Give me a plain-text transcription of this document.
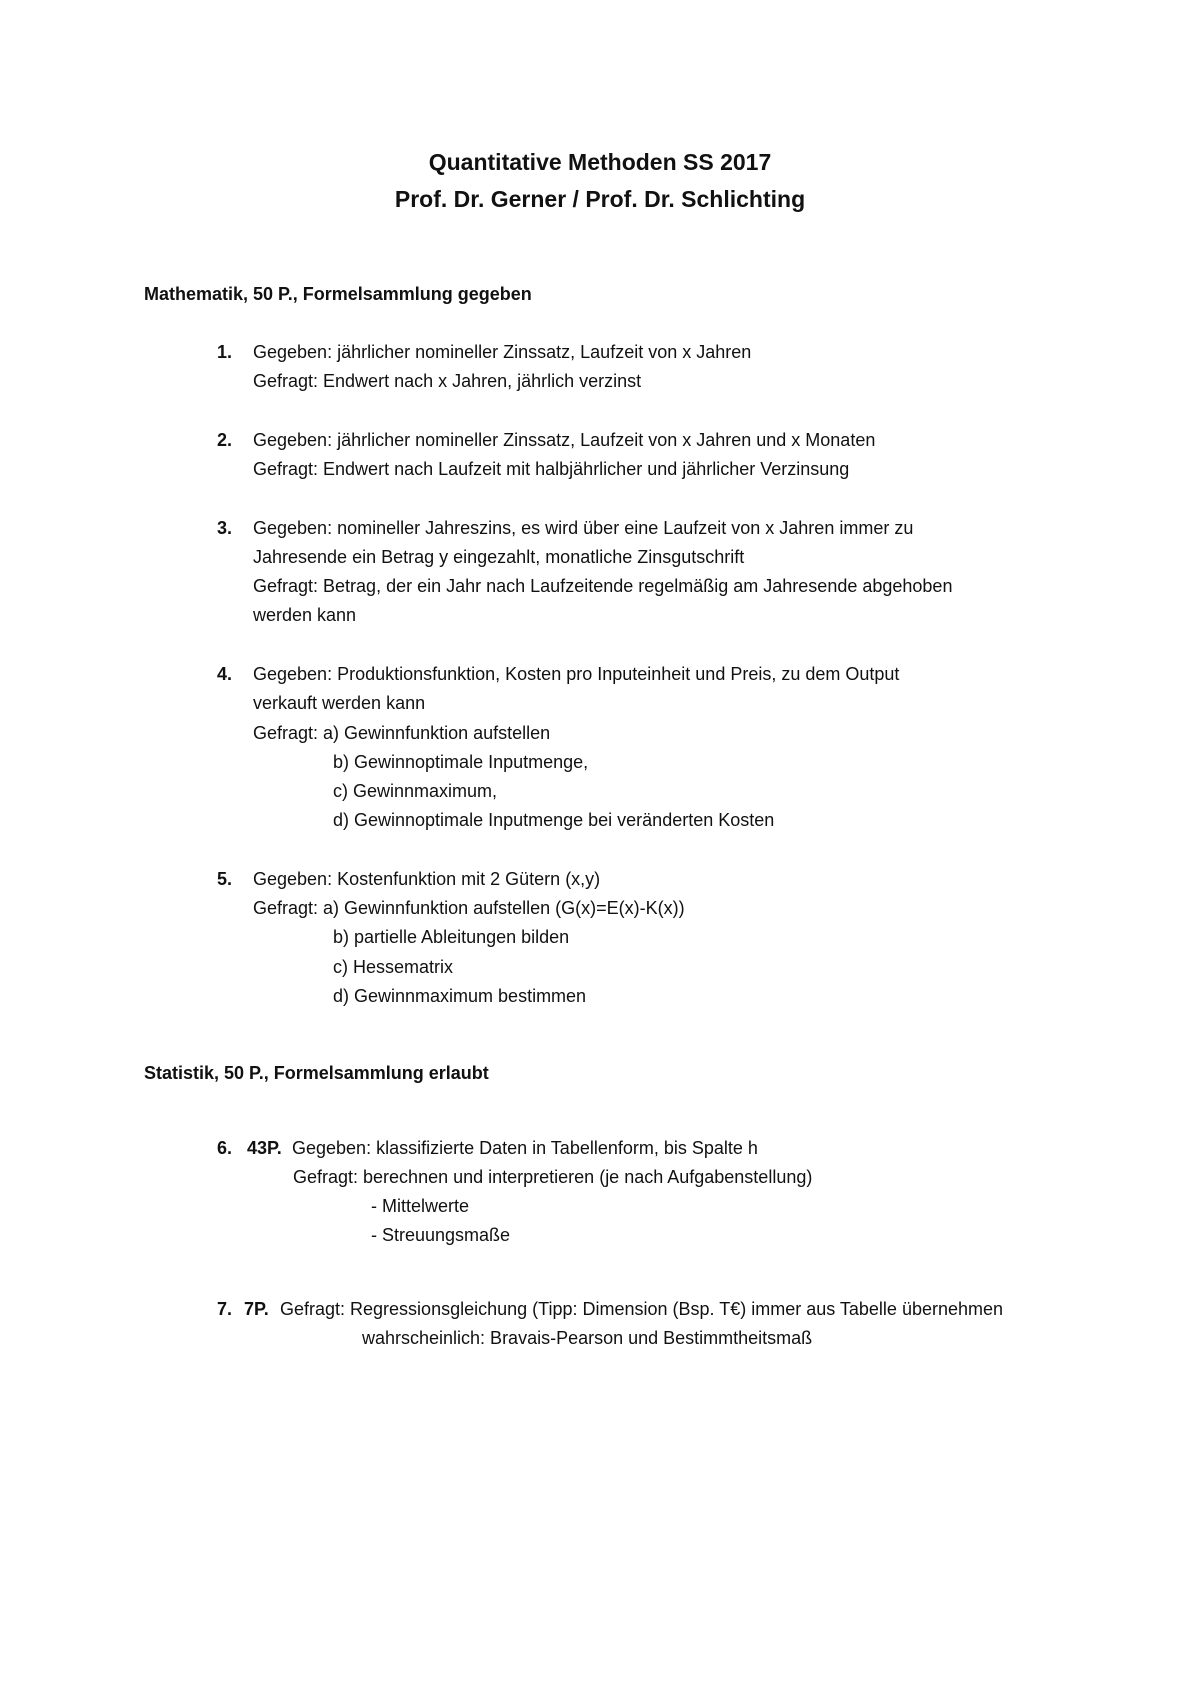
Quantitative Methoden SS 2017
Prof. Dr. Gerner / Prof. Dr. Schlichting
Mathematik, 50 P., Formelsammlung gegeben
1. Gegeben: jährlicher nomineller Zinssatz, Laufzeit von x Jahren
Gefragt: Endwert nach x Jahren, jährlich verzinst
2. Gegeben: jährlicher nomineller Zinssatz, Laufzeit von x Jahren und x Monaten
Gefragt: Endwert nach Laufzeit mit halbjährlicher und jährlicher Verzinsung
3. Gegeben: nomineller Jahreszins, es wird über eine Laufzeit von x Jahren immer zu
Jahresende ein Betrag y eingezahlt, monatliche Zinsgutschrift
Gefragt: Betrag, der ein Jahr nach Laufzeitende regelmäßig am Jahresende abgehoben
werden kann
4. Gegeben: Produktionsfunktion, Kosten pro Inputeinheit und Preis, zu dem Output
verkauft werden kann
Gefragt: a) Gewinnfunktion aufstellen
b) Gewinnoptimale Inputmenge,
c) Gewinnmaximum,
d) Gewinnoptimale Inputmenge bei veränderten Kosten
5. Gegeben: Kostenfunktion mit 2 Gütern (x,y)
Gefragt: a) Gewinnfunktion aufstellen (G(x)=E(x)-K(x))
b) partielle Ableitungen bilden
c) Hessematrix
d) Gewinnmaximum bestimmen
Statistik, 50 P., Formelsammlung erlaubt
6. 43P. Gegeben: klassifizierte Daten in Tabellenform, bis Spalte h
Gefragt: berechnen und interpretieren (je nach Aufgabenstellung)
- Mittelwerte
- Streuungsmaße
7. 7P. Gefragt: Regressionsgleichung (Tipp: Dimension (Bsp. T€) immer aus Tabelle übernehmen
wahrscheinlich: Bravais-Pearson und Bestimmtheitsmaß
